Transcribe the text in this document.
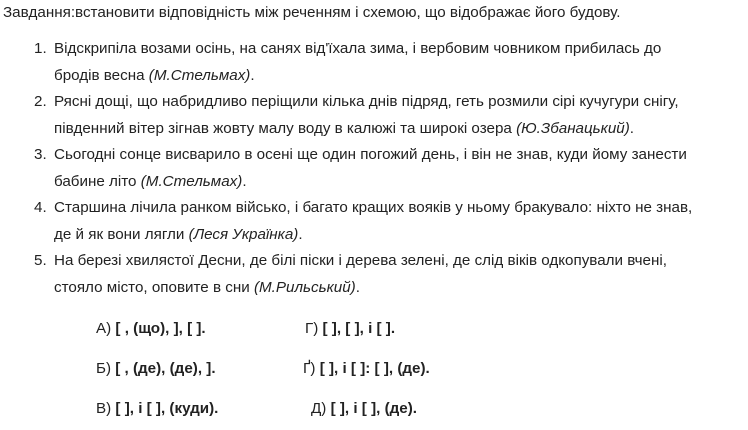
Завдання:встановити відповідність між реченням і схемою, що відображає його будову.
1. Відскрипіла возами осінь, на санях від'їхала зима, і вербовим човником прибилась до
бродів весна (М.Стельмах).
2. Рясні дощі, що набридливо періщили кілька днів підряд, геть розмили сірі кучугури снігу,
південний вітер зігнав жовту малу воду в калюжі та широкі озера (Ю.Збанацький).
3. Сьогодні сонце висварило в осені ще один погожий день, і він не знав, куди йому занести
бабине літо (М.Стельмах).
4. Старшина лічила ранком військо, і багато кращих вояків у ньому бракувало: ніхто не знав,
де й як вони лягли (Леся Українка).
5. На березі хвилястої Десни, де білі піски і дерева зелені, де слід віків одкопували вчені,
стояло місто, оповите в сни (М.Рильський).
А) [ , (що), ], [ ].	Г) [ ], [ ], і [ ].
Б) [ , (де), (де), ].	Ґ) [ ], і [ ]: [ ], (де).
В) [ ], і [ ], (куди).	Д) [ ], і [ ], (де).
